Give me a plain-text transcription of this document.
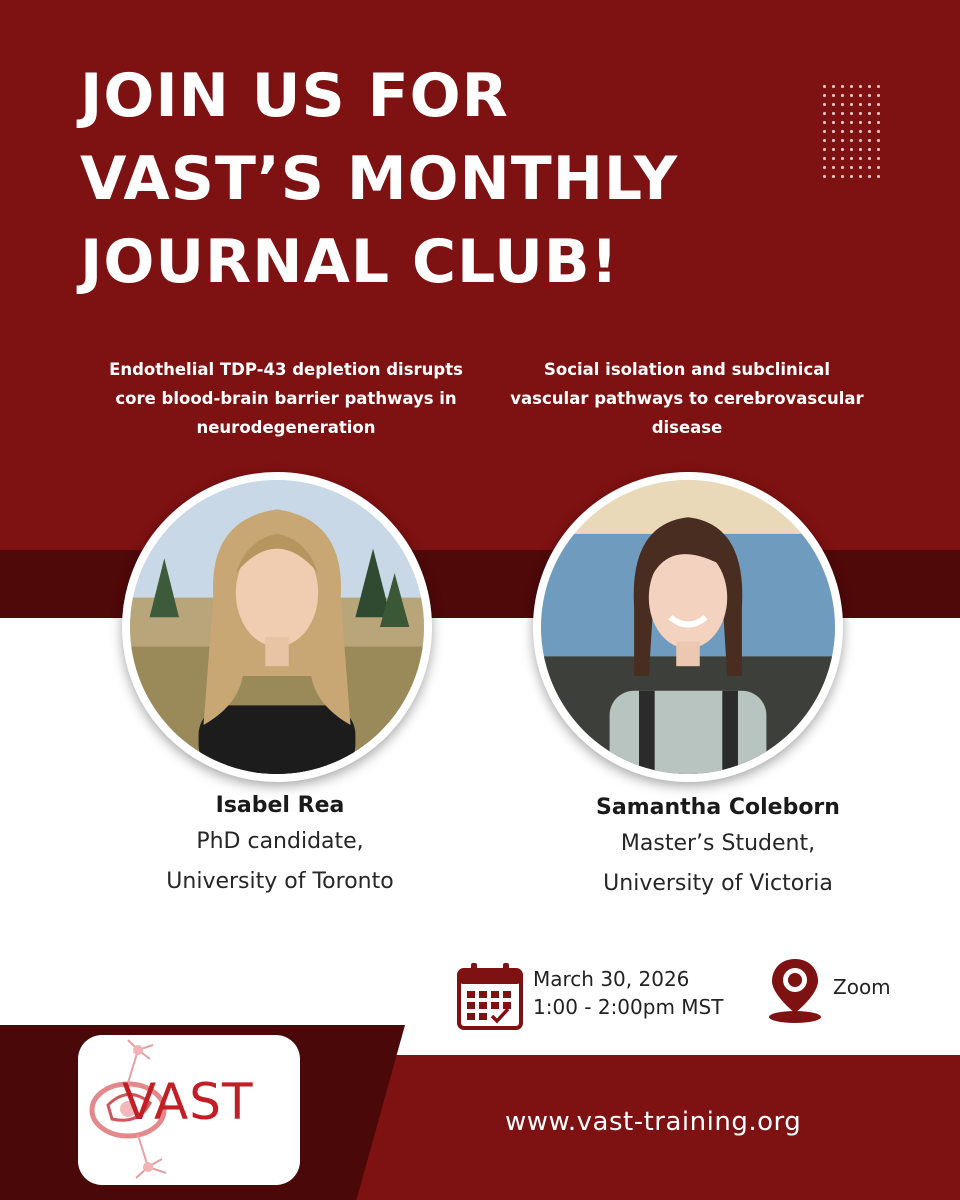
JOIN US FOR
VAST’S MONTHLY
JOURNAL CLUB!

Endothelial TDP-43 depletion disrupts core blood-brain barrier pathways in neurodegeneration

Social isolation and subclinical vascular pathways to cerebrovascular disease

Isabel Rea
PhD candidate,
University of Toronto
Samantha Coleborn
Master’s Student,
University of Victoria
March 30, 2026
1:00 - 2:00pm MST
Zoom
VAST	www.vast-training.org
